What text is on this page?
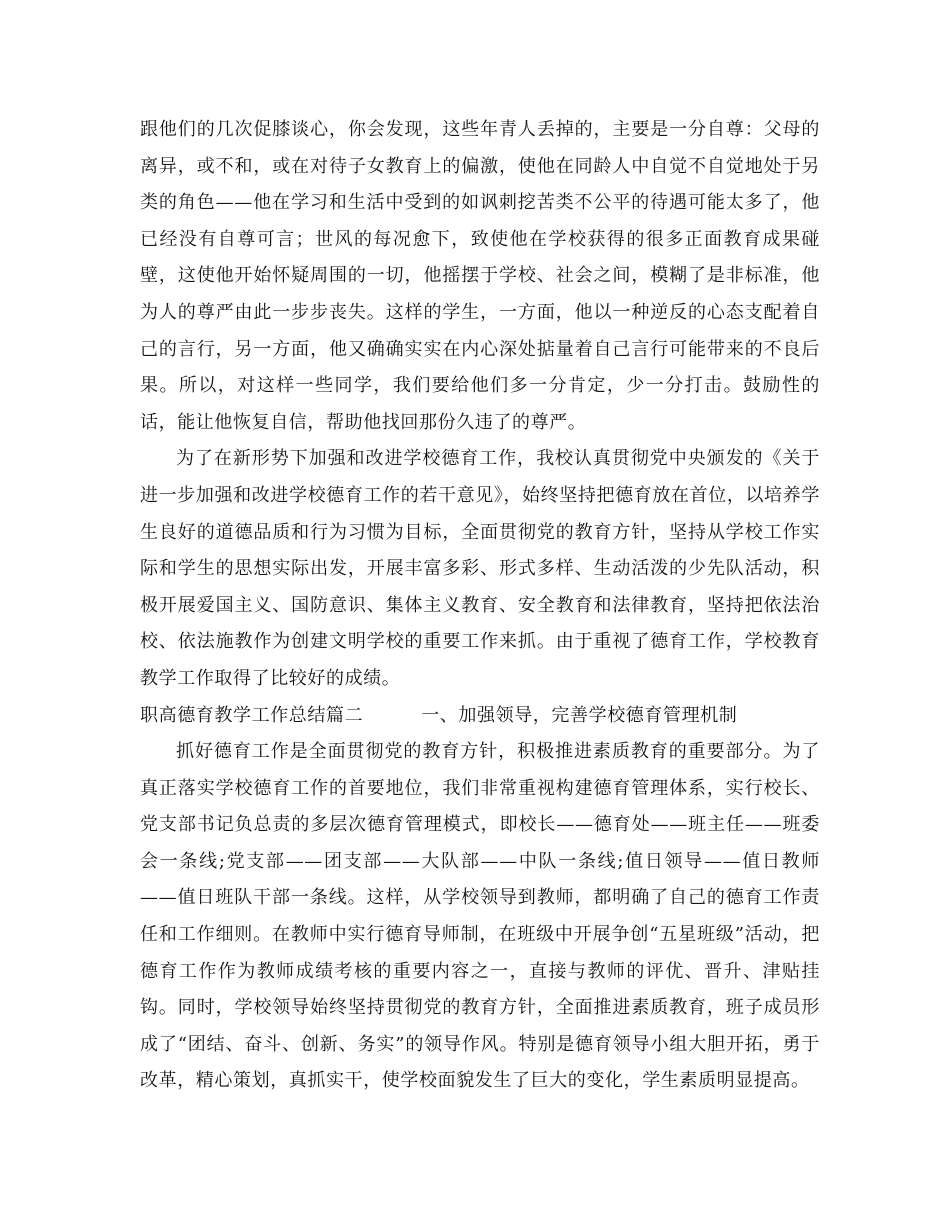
跟他们的几次促膝谈心，你会发现，这些年青人丢掉的，主要是一分自尊：父母的离异，或不和，或在对待子女教育上的偏激，使他在同龄人中自觉不自觉地处于另类的角色——他在学习和生活中受到的如讽刺挖苦类不公平的待遇可能太多了，他已经没有自尊可言；世风的每况愈下，致使他在学校获得的很多正面教育成果碰壁，这使他开始怀疑周围的一切，他摇摆于学校、社会之间，模糊了是非标准，他为人的尊严由此一步步丧失。这样的学生，一方面，他以一种逆反的心态支配着自己的言行，另一方面，他又确确实实在内心深处掂量着自己言行可能带来的不良后果。所以，对这样一些同学，我们要给他们多一分肯定，少一分打击。鼓励性的话，能让他恢复自信，帮助他找回那份久违了的尊严。

为了在新形势下加强和改进学校德育工作，我校认真贯彻党中央颁发的《关于进一步加强和改进学校德育工作的若干意见》，始终坚持把德育放在首位，以培养学生良好的道德品质和行为习惯为目标，全面贯彻党的教育方针，坚持从学校工作实际和学生的思想实际出发，开展丰富多彩、形式多样、生动活泼的少先队活动，积极开展爱国主义、国防意识、集体主义教育、安全教育和法律教育，坚持把依法治校、依法施教作为创建文明学校的重要工作来抓。由于重视了德育工作，学校教育教学工作取得了比较好的成绩。

职高德育教学工作总结篇二	一、加强领导，完善学校德育管理机制

抓好德育工作是全面贯彻党的教育方针，积极推进素质教育的重要部分。为了真正落实学校德育工作的首要地位，我们非常重视构建德育管理体系，实行校长、党支部书记负总责的多层次德育管理模式，即校长——德育处——班主任——班委会一条线;党支部——团支部——大队部——中队一条线;值日领导——值日教师——值日班队干部一条线。这样，从学校领导到教师，都明确了自己的德育工作责任和工作细则。在教师中实行德育导师制，在班级中开展争创“五星班级”活动，把德育工作作为教师成绩考核的重要内容之一，直接与教师的评优、晋升、津贴挂钩。同时，学校领导始终坚持贯彻党的教育方针，全面推进素质教育，班子成员形成了“团结、奋斗、创新、务实”的领导作风。特别是德育领导小组大胆开拓，勇于改革，精心策划，真抓实干，使学校面貌发生了巨大的变化，学生素质明显提高。
